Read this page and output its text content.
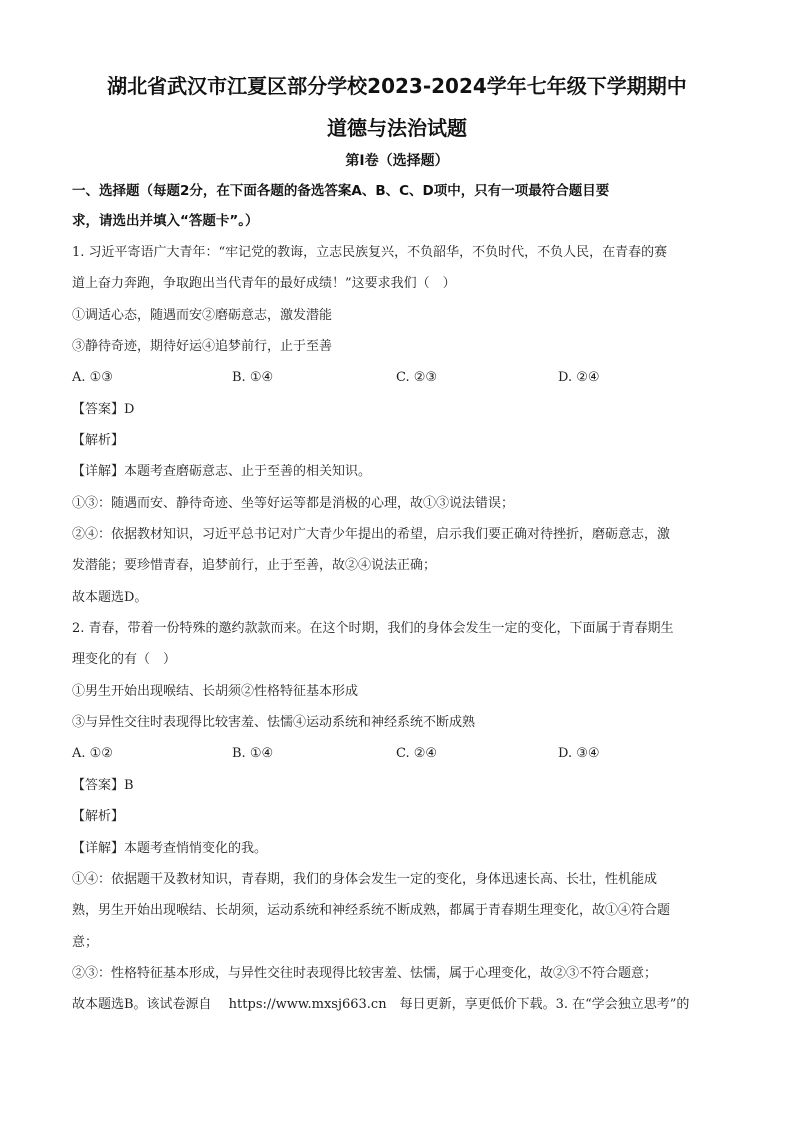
湖北省武汉市江夏区部分学校2023-2024学年七年级下学期期中
道德与法治试题
第I卷（选择题）
一、选择题（每题2分，在下面各题的备选答案A、B、C、D项中，只有一项最符合题目要
求，请选出并填入“答题卡”。）
1. 习近平寄语广大青年：“牢记党的教诲，立志民族复兴，不负韶华，不负时代，不负人民，在青春的赛
道上奋力奔跑，争取跑出当代青年的最好成绩！”这要求我们（　）
①调适心态，随遇而安②磨砺意志，激发潜能
③静待奇迹，期待好运④追梦前行，止于至善
A. ①③	B. ①④	C. ②③	D. ②④
【答案】D
【解析】
【详解】本题考查磨砺意志、止于至善的相关知识。
①③：随遇而安、静待奇迹、坐等好运等都是消极的心理，故①③说法错误；
②④：依据教材知识，习近平总书记对广大青少年提出的希望，启示我们要正确对待挫折，磨砺意志，激
发潜能；要珍惜青春，追梦前行，止于至善，故②④说法正确；
故本题选D。
2. 青春，带着一份特殊的邀约款款而来。在这个时期，我们的身体会发生一定的变化，下面属于青春期生
理变化的有（　）
①男生开始出现喉结、长胡须②性格特征基本形成
③与异性交往时表现得比较害羞、怯懦④运动系统和神经系统不断成熟
A. ①②	B. ①④	C. ②④	D. ③④
【答案】B
【解析】
【详解】本题考查悄悄变化的我。
①④：依据题干及教材知识，青春期，我们的身体会发生一定的变化，身体迅速长高、长壮，性机能成
熟，男生开始出现喉结、长胡须，运动系统和神经系统不断成熟，都属于青春期生理变化，故①④符合题
意；
②③：性格特征基本形成，与异性交往时表现得比较害羞、怯懦，属于心理变化，故②③不符合题意；
故本题选B。该试卷源自　 https://www.mxsj663.cn　每日更新，享更低价下载。3. 在“学会独立思考”的
